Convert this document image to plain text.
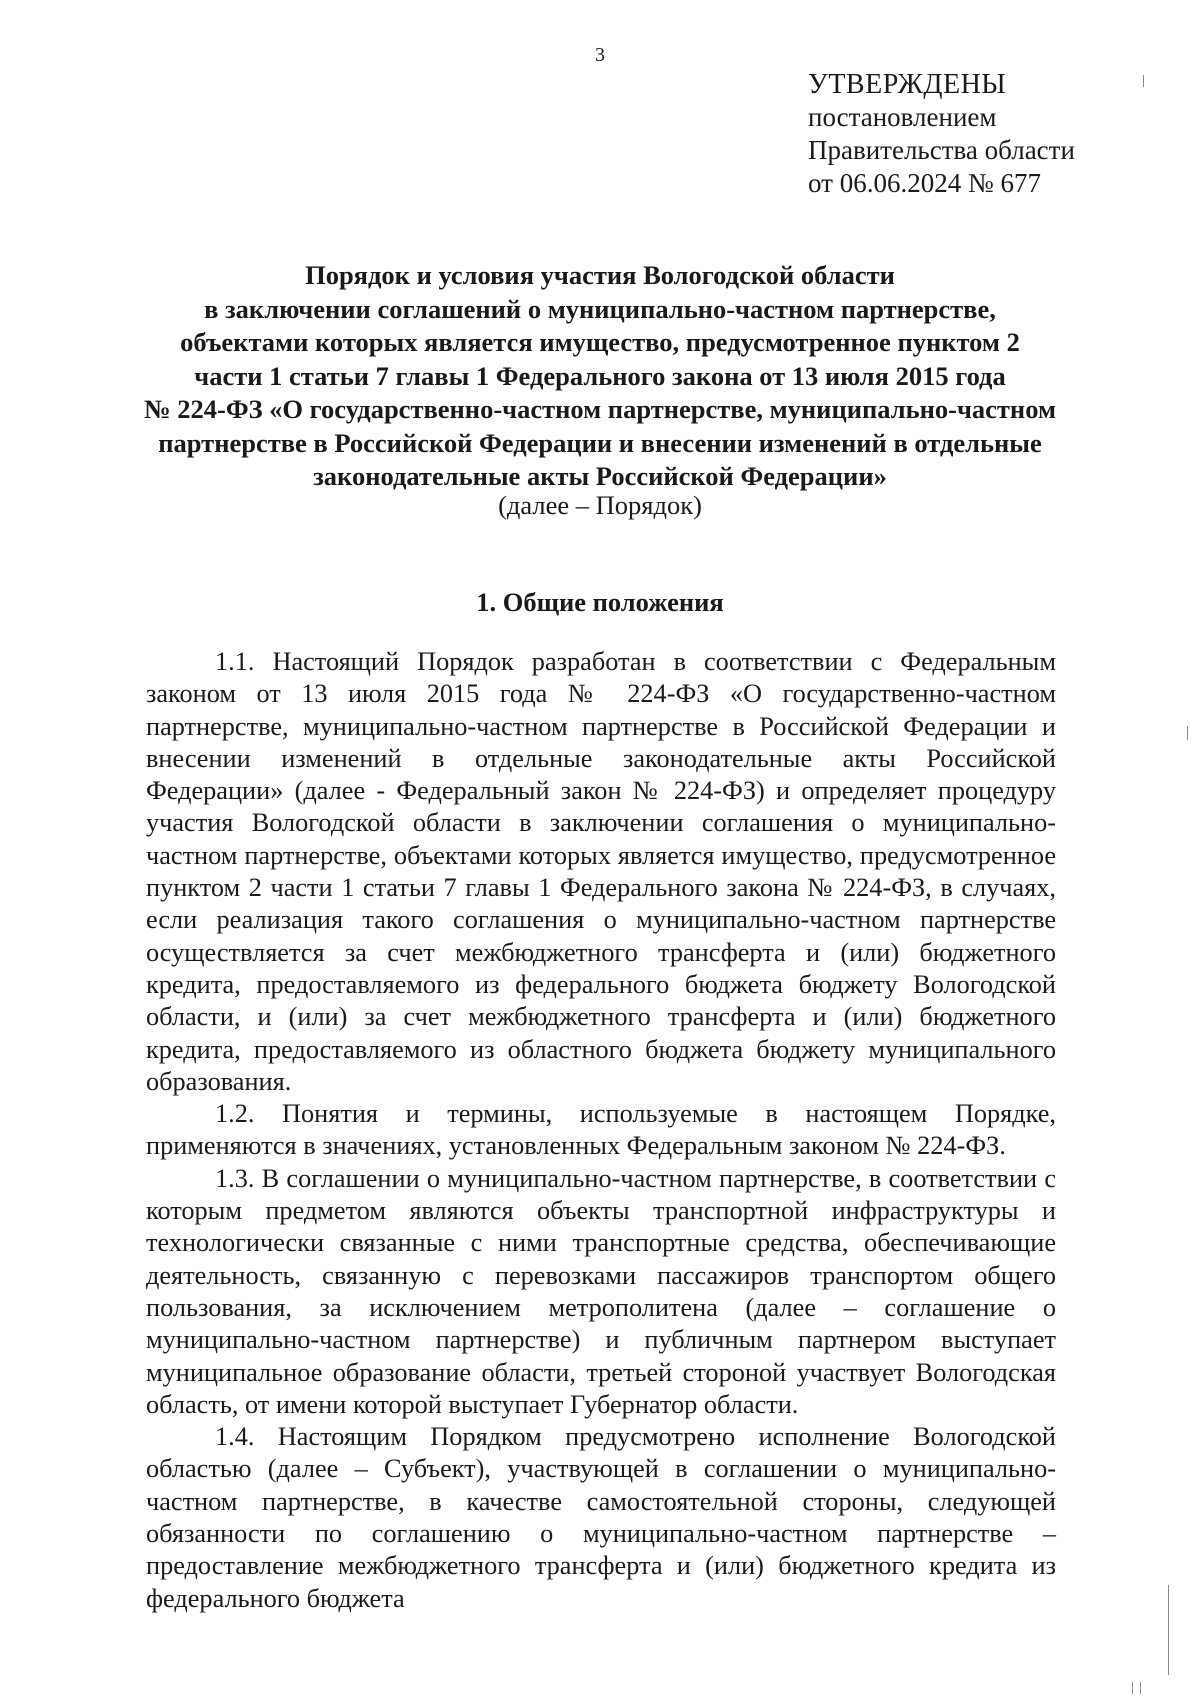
3
УТВЕРЖДЕНЫ
постановлением
Правительства области
от 06.06.2024 № 677
Порядок и условия участия Вологодской области
в заключении соглашений о муниципально-частном партнерстве,
объектами которых является имущество, предусмотренное пунктом 2
части 1 статьи 7 главы 1 Федерального закона от 13 июля 2015 года
№ 224-ФЗ «О государственно-частном партнерстве, муниципально-частном
партнерстве в Российской Федерации и внесении изменений в отдельные
законодательные акты Российской Федерации»
(далее – Порядок)
1. Общие положения

1.1. Настоящий Порядок разработан в соответствии с Федеральным законом от 13 июля 2015 года № 224-ФЗ «О государственно-частном партнерстве, муниципально-частном партнерстве в Российской Федерации и внесении изменений в отдельные законодательные акты Российской Федерации» (далее - Федеральный закон № 224-ФЗ) и определяет процедуру участия Вологодской области в заключении соглашения о муниципально-частном партнерстве, объектами которых является имущество, предусмотренное пунктом 2 части 1 статьи 7 главы 1 Федерального закона № 224-ФЗ, в случаях, если реализация такого соглашения о муниципально-частном партнерстве осуществляется за счет межбюджетного трансферта и (или) бюджетного кредита, предоставляемого из федерального бюджета бюджету Вологодской области, и (или) за счет межбюджетного трансферта и (или) бюджетного кредита, предоставляемого из областного бюджета бюджету муниципального образования.

1.2. Понятия и термины, используемые в настоящем Порядке, применяются в значениях, установленных Федеральным законом № 224-ФЗ.

1.3. В соглашении о муниципально-частном партнерстве, в соответствии с которым предметом являются объекты транспортной инфраструктуры и технологически связанные с ними транспортные средства, обеспечивающие деятельность, связанную с перевозками пассажиров транспортом общего пользования, за исключением метрополитена (далее – соглашение о муниципально-частном партнерстве) и публичным партнером выступает муниципальное образование области, третьей стороной участвует Вологодская область, от имени которой выступает Губернатор области.

1.4. Настоящим Порядком предусмотрено исполнение Вологодской областью (далее – Субъект), участвующей в соглашении о муниципально-частном партнерстве, в качестве самостоятельной стороны, следующей обязанности по соглашению о муниципально-частном партнерстве – предоставление межбюджетного трансферта и (или) бюджетного кредита из федерального бюджета
